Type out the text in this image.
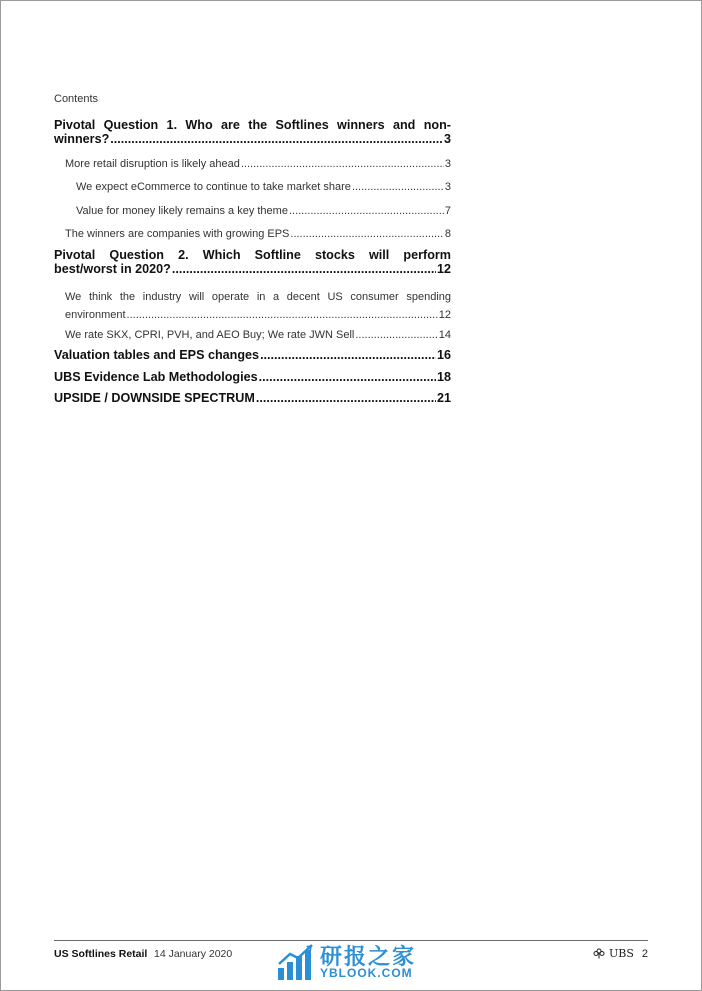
Contents
Pivotal Question 1. Who are the Softlines winners and non-
winners? .....	3
More retail disruption is likely ahead .....	3
We expect eCommerce to continue to take market share .....	3
Value for money likely remains a key theme .....	7
The winners are companies with growing EPS .....	8
Pivotal Question 2. Which Softline stocks will perform
best/worst in 2020? .....	12
We think the industry will operate in a decent US consumer spending
environment .....	12
We rate SKX, CPRI, PVH, and AEO Buy; We rate JWN Sell .....	14
Valuation tables and EPS changes .....	16
UBS Evidence Lab Methodologies .....	18
UPSIDE / DOWNSIDE SPECTRUM .....	21
US Softlines Retail 14 January 2020	UBS 2
研报之家
YBLOOK.COM
